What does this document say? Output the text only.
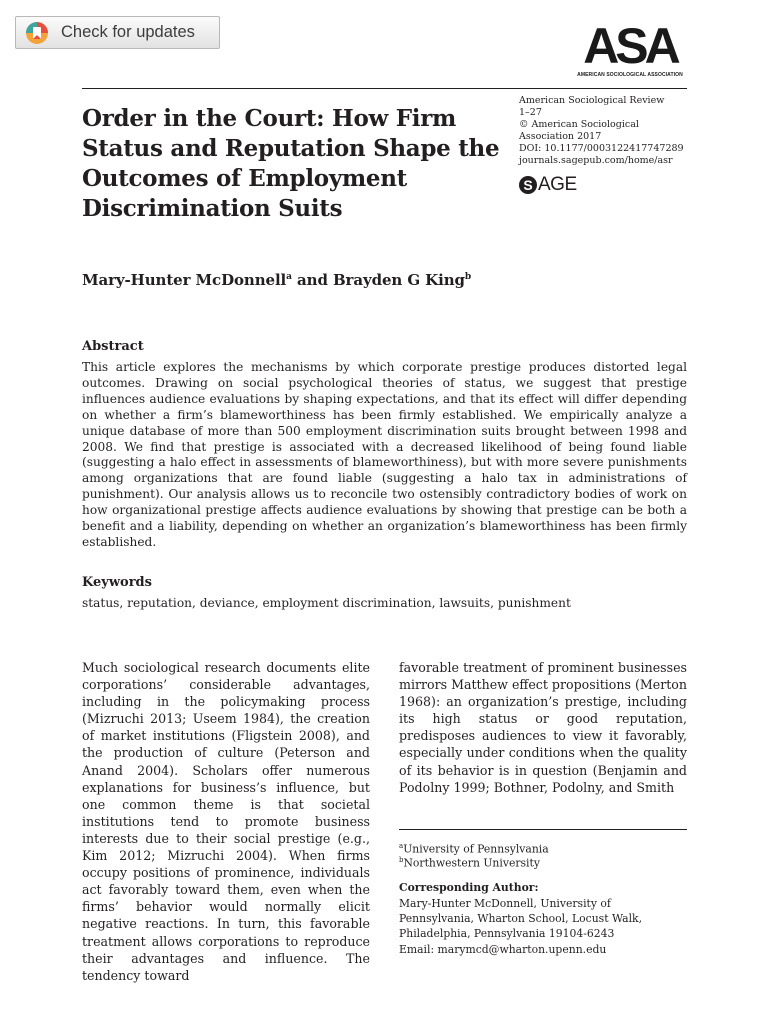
Check for updates	ASA
AMERICAN SOCIOLOGICAL ASSOCIATION
Order in the Court: How Firm Status and Reputation Shape the Outcomes of Employment Discrimination Suits
American Sociological Review
1–27
© American Sociological
Association 2017
DOI: 10.1177/0003122417747289
journals.sagepub.com/home/asr
S AGE
Mary-Hunter McDonnell$^a$ and Brayden G King$^b$
Abstract

This article explores the mechanisms by which corporate prestige produces distorted legal outcomes. Drawing on social psychological theories of status, we suggest that prestige influences audience evaluations by shaping expectations, and that its effect will differ depending on whether a firm’s blameworthiness has been firmly established. We empirically analyze a unique database of more than 500 employment discrimination suits brought between 1998 and 2008. We find that prestige is associated with a decreased likelihood of being found liable (suggesting a halo effect in assessments of blameworthiness), but with more severe punishments among organizations that are found liable (suggesting a halo tax in administrations of punishment). Our analysis allows us to reconcile two ostensibly contradictory bodies of work on how organizational prestige affects audience evaluations by showing that prestige can be both a benefit and a liability, depending on whether an organization’s blameworthiness has been firmly established.

Keywords
status, reputation, deviance, employment discrimination, lawsuits, punishment

Much sociological research documents elite corporations’ considerable advantages, including in the policymaking process (Mizruchi 2013; Useem 1984), the creation of market institutions (Fligstein 2008), and the production of culture (Peterson and Anand 2004). Scholars offer numerous explanations for business’s influence, but one common theme is that societal institutions tend to promote business interests due to their social prestige (e.g., Kim 2012; Mizruchi 2004). When firms occupy positions of prominence, individuals act favorably toward them, even when the firms’ behavior would normally elicit negative reactions. In turn, this favorable treatment allows corporations to reproduce their advantages and influence. The tendency toward

favorable treatment of prominent businesses mirrors Matthew effect propositions (Merton 1968): an organization’s prestige, including its high status or good reputation, predisposes audiences to view it favorably, especially under conditions when the quality of its behavior is in question (Benjamin and Podolny 1999; Bothner, Podolny, and Smith

$^a$University of Pennsylvania
$^b$Northwestern University
Corresponding Author:
Mary-Hunter McDonnell, University of
Pennsylvania, Wharton School, Locust Walk,
Philadelphia, Pennsylvania 19104-6243
Email: marymcd@wharton.upenn.edu
